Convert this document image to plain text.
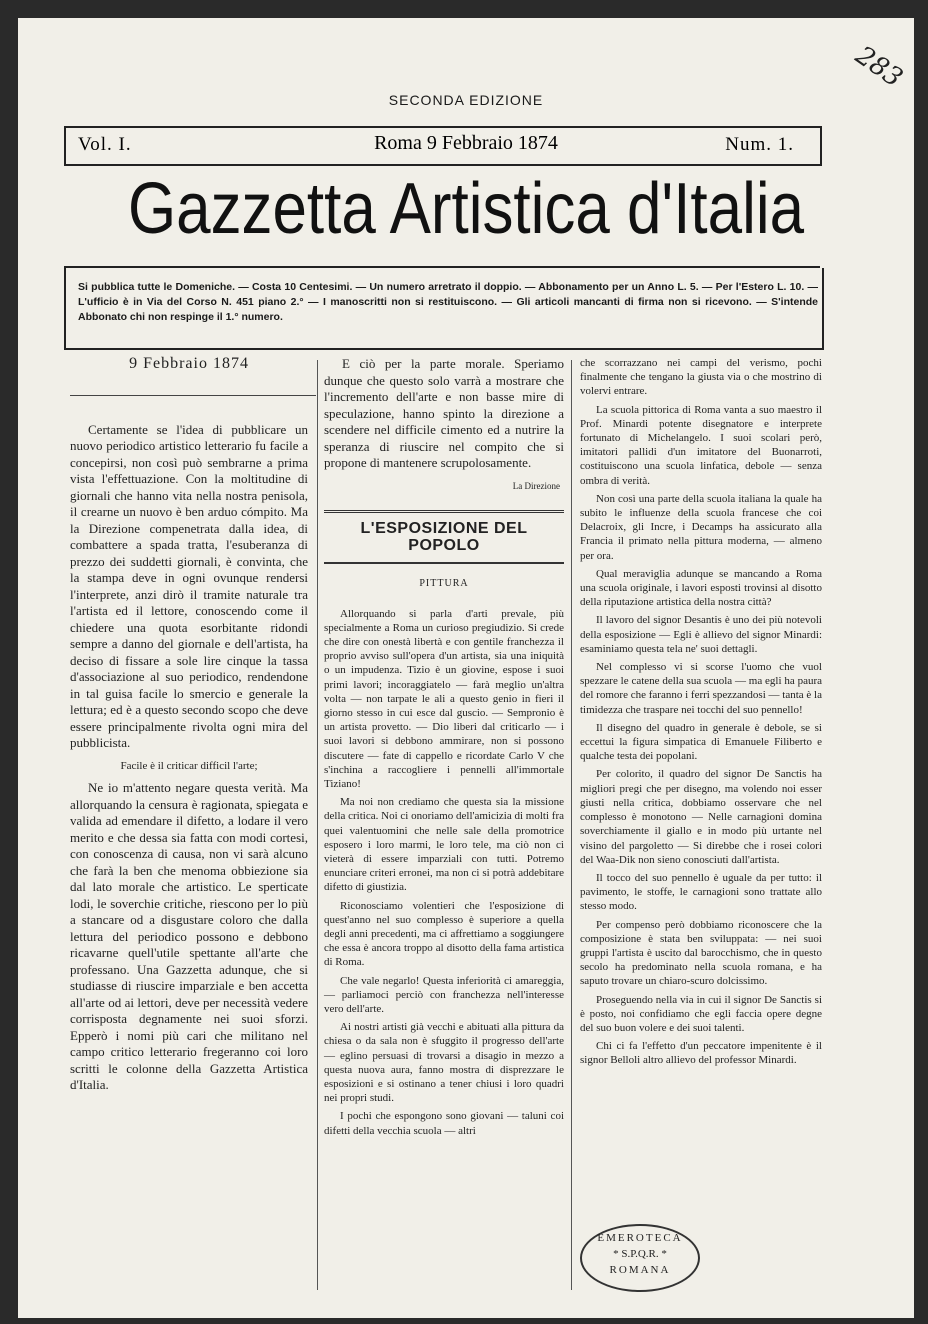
283
SECONDA EDIZIONE
Vol. I.	Roma 9 Febbraio 1874	Num. 1.
Gazzetta Artistica d'Italia
Si pubblica tutte le Domeniche. — Costa 10 Centesimi. — Un numero arretrato il doppio. — Abbonamento per un Anno L. 5. — Per l'Estero L. 10. — L'ufficio è in Via del Corso N. 451 piano 2.° — I manoscritti non si restituiscono. — Gli articoli mancanti di firma non si ricevono. — S'intende Abbonato chi non respinge il 1.° numero.
9 Febbraio 1874

Certamente se l'idea di pubblicare un nuovo periodico artistico letterario fu facile a concepirsi, non così può sembrarne a prima vista l'effettuazione. Con la moltitudine di giornali che hanno vita nella nostra penisola, il crearne un nuovo è ben arduo cómpito. Ma la Direzione compenetrata dalla idea, di combattere a spada tratta, l'esuberanza di prezzo dei suddetti giornali, è convinta, che la stampa deve in ogni ovunque rendersi l'interprete, anzi dirò il tramite naturale tra l'artista ed il lettore, conoscendo come il chiedere una quota esorbitante ridondi sempre a danno del giornale e dell'artista, ha deciso di fissare a sole lire cinque la tassa d'associazione al suo periodico, rendendone in tal guisa facile lo smercio e generale la lettura; ed è a questo secondo scopo che deve essere principalmente rivolta ogni mira del pubblicista.

Facile è il criticar difficil l'arte;

Ne io m'attento negare questa verità. Ma allorquando la censura è ragionata, spiegata e valida ad emendare il difetto, a lodare il vero merito e che dessa sia fatta con modi cortesi, con conoscenza di causa, non vi sarà alcuno che farà la ben che menoma obbiezione sia dal lato morale che artistico. Le sperticate lodi, le soverchie critiche, riescono per lo più a stancare od a disgustare coloro che dalla lettura del periodico possono e debbono ricavarne quell'utile spettante all'arte che professano. Una Gazzetta adunque, che si studiasse di riuscire imparziale e ben accetta all'arte od ai lettori, deve per necessità vedere corrisposta degnamente nei suoi sforzi. Epperò i nomi più cari che militano nel campo critico letterario fregeranno coi loro scritti le colonne della Gazzetta Artistica d'Italia.

E ciò per la parte morale. Speriamo dunque che questo solo varrà a mostrare che l'incremento dell'arte e non basse mire di speculazione, hanno spinto la direzione a scendere nel difficile cimento ed a nutrire la speranza di riuscire nel compito che si propone di mantenere scrupolosamente.

La Direzione
L'ESPOSIZIONE DEL POPOLO
PITTURA

Allorquando si parla d'arti prevale, più specialmente a Roma un curioso pregiudizio. Si crede che dire con onestà libertà e con gentile franchezza il proprio avviso sull'opera d'un artista, sia una iniquità o un impudenza. Tizio è un giovine, espose i suoi primi lavori; incoraggiatelo — farà meglio un'altra volta — non tarpate le ali a questo genio in fieri il giorno stesso in cui esce dal guscio. — Sempronio è un artista provetto. — Dio liberi dal criticarlo — i suoi lavori si debbono ammirare, non si possono discutere — fate di cappello e ricordate Carlo V che s'inchina a raccogliere i pennelli all'immortale Tiziano!

Ma noi non crediamo che questa sia la missione della critica. Noi ci onoriamo dell'amicizia di molti fra quei valentuomini che nelle sale della promotrice esposero i loro marmi, le loro tele, ma ciò non ci vieterà di essere imparziali con tutti. Potremo enunciare criteri erronei, ma non ci si potrà addebitare difetto di giustizia.

Riconosciamo volentieri che l'esposizione di quest'anno nel suo complesso è superiore a quella degli anni precedenti, ma ci affrettiamo a soggiungere che essa è ancora troppo al disotto della fama artistica di Roma.

Che vale negarlo! Questa inferiorità ci amareggia, — parliamoci perciò con franchezza nell'interesse vero dell'arte.

Ai nostri artisti già vecchi e abituati alla pittura da chiesa o da sala non è sfuggito il progresso dell'arte — eglino persuasi di trovarsi a disagio in mezzo a questa nuova aura, fanno mostra di disprezzare le esposizioni e si ostinano a tener chiusi i loro quadri nei propri studi.

I pochi che espongono sono giovani — taluni coi difetti della vecchia scuola — altri

che scorrazzano nei campi del verismo, pochi finalmente che tengano la giusta via o che mostrino di volervi entrare.

La scuola pittorica di Roma vanta a suo maestro il Prof. Minardi potente disegnatore e interprete fortunato di Michelangelo. I suoi scolari però, imitatori pallidi d'un imitatore del Buonarroti, costituiscono una scuola linfatica, debole — senza ombra di verità.

Non così una parte della scuola italiana la quale ha subito le influenze della scuola francese che coi Delacroix, gli Incre, i Decamps ha assicurato alla Francia il primato nella pittura moderna, — almeno per ora.

Qual meraviglia adunque se mancando a Roma una scuola originale, i lavori esposti trovinsi al disotto della riputazione artistica della nostra città?

Il lavoro del signor Desantis è uno dei più notevoli della esposizione — Egli è allievo del signor Minardi: esaminiamo questa tela ne' suoi dettagli.

Nel complesso vi si scorse l'uomo che vuol spezzare le catene della sua scuola — ma egli ha paura del romore che faranno i ferri spezzandosi — tanta è la timidezza che traspare nei tocchi del suo pennello!

Il disegno del quadro in generale è debole, se si eccettui la figura simpatica di Emanuele Filiberto e qualche testa dei popolani.

Per colorito, il quadro del signor De Sanctis ha migliori pregi che per disegno, ma volendo noi esser giusti nella critica, dobbiamo osservare che nel complesso è monotono — Nelle carnagioni domina soverchiamente il giallo e in modo più urtante nel visino del pargoletto — Si direbbe che i rosei colori del Waa-Dik non sieno conosciuti dall'artista.

Il tocco del suo pennello è uguale da per tutto: il pavimento, le stoffe, le carnagioni sono trattate allo stesso modo.

Per compenso però dobbiamo riconoscere che la composizione è stata ben sviluppata: — nei suoi gruppi l'artista è uscito dal barocchismo, che in questo secolo ha predominato nella scuola romana, e ha saputo trovare un chiaro-scuro dolcissimo.

Proseguendo nella via in cui il signor De Sanctis si è posto, noi confidiamo che egli faccia opere degne del suo buon volere e dei suoi talenti.

Chi ci fa l'effetto d'un peccatore impenitente è il signor Belloli altro allievo del professor Minardi.

EMEROTECA
* S.P.Q.R. *
ROMANA
